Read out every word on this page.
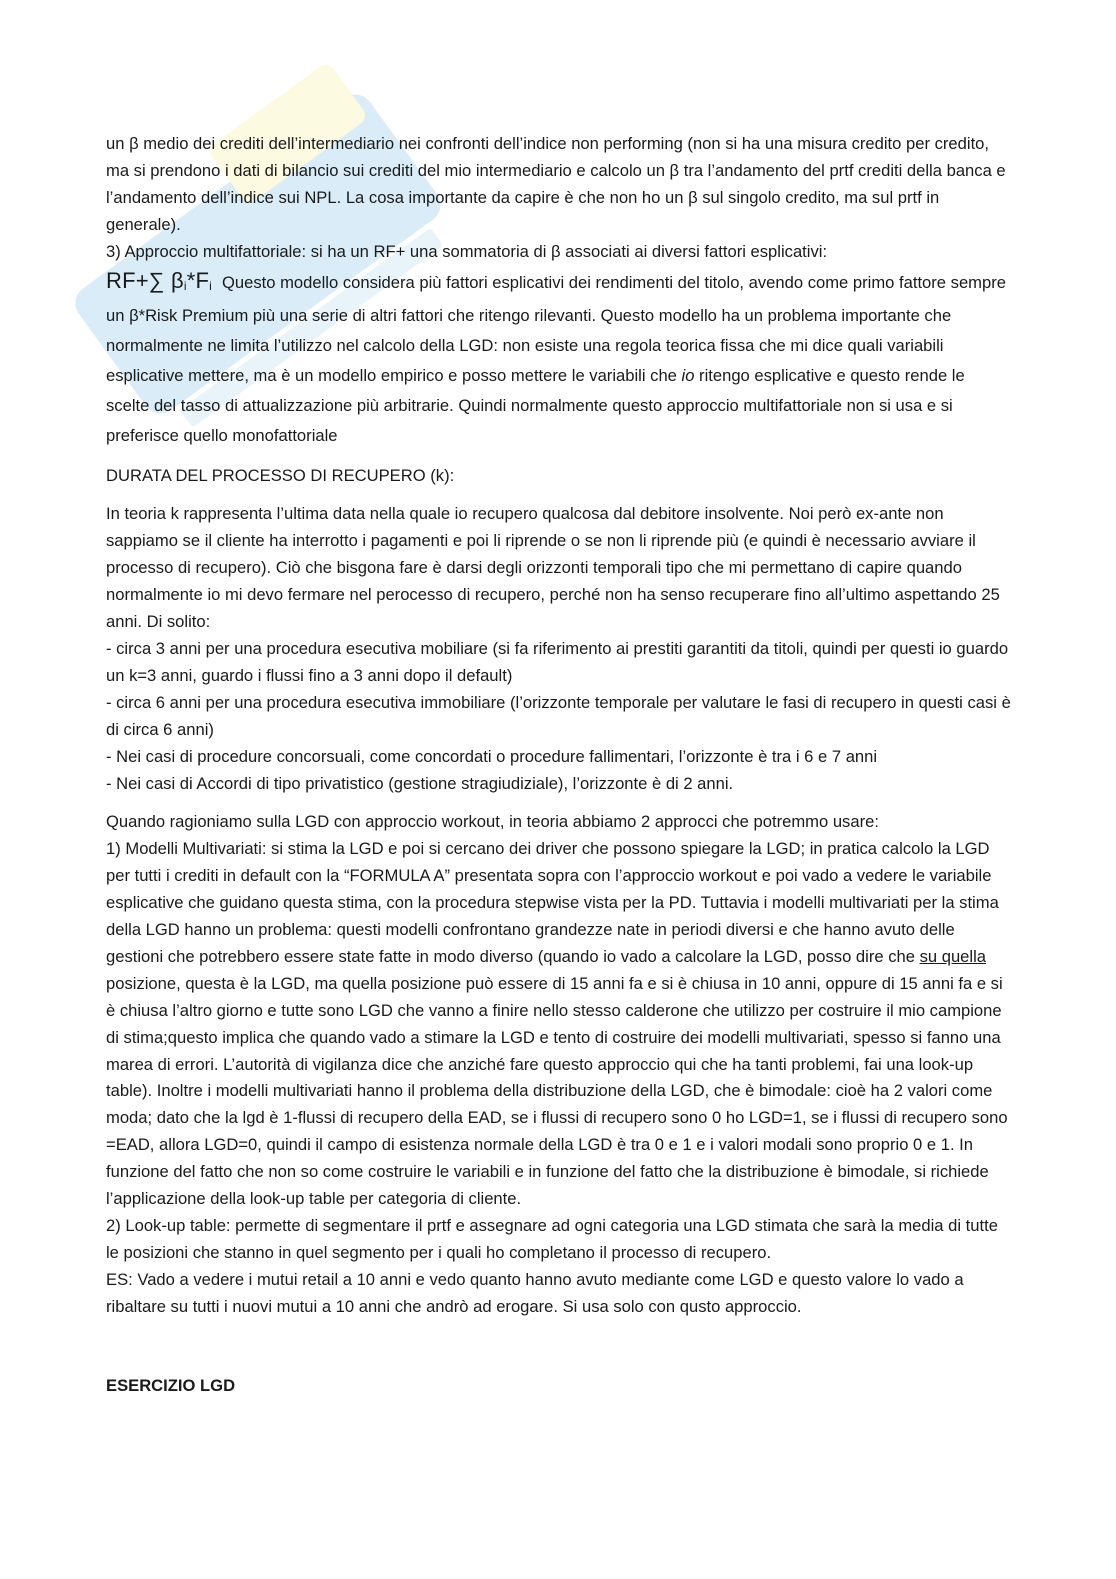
un β medio dei crediti dell’intermediario nei confronti dell’indice non performing (non si ha una misura credito per credito, ma si prendono i dati di bilancio sui crediti del mio intermediario e calcolo un β tra l’andamento del prtf crediti della banca e l’andamento dell’indice sui NPL. La cosa importante da capire è che non ho un β sul singolo credito, ma sul prtf in generale).

3) Approccio multifattoriale: si ha un RF+ una sommatoria di β associati ai diversi fattori esplicativi:

RF+∑ $\beta_i*F_i$ Questo modello considera più fattori esplicativi dei rendimenti del titolo, avendo come primo fattore sempre un β*Risk Premium più una serie di altri fattori che ritengo rilevanti. Questo modello ha un problema importante che normalmente ne limita l’utilizzo nel calcolo della LGD: non esiste una regola teorica fissa che mi dice quali variabili esplicative mettere, ma è un modello empirico e posso mettere le variabili che io ritengo esplicative e questo rende le scelte del tasso di attualizzazione più arbitrarie. Quindi normalmente questo approccio multifattoriale non si usa e si preferisce quello monofattoriale

DURATA DEL PROCESSO DI RECUPERO (k):

In teoria k rappresenta l’ultima data nella quale io recupero qualcosa dal debitore insolvente. Noi però ex-ante non sappiamo se il cliente ha interrotto i pagamenti e poi li riprende o se non li riprende più (e quindi è necessario avviare il processo di recupero). Ciò che bisgona fare è darsi degli orizzonti temporali tipo che mi permettano di capire quando normalmente io mi devo fermare nel perocesso di recupero, perché non ha senso recuperare fino all’ultimo aspettando 25 anni. Di solito:

- circa 3 anni per una procedura esecutiva mobiliare (si fa riferimento ai prestiti garantiti da titoli, quindi per questi io guardo un k=3 anni, guardo i flussi fino a 3 anni dopo il default)

- circa 6 anni per una procedura esecutiva immobiliare (l’orizzonte temporale per valutare le fasi di recupero in questi casi è di circa 6 anni)

- Nei casi di procedure concorsuali, come concordati o procedure fallimentari, l’orizzonte è tra i 6 e 7 anni

- Nei casi di Accordi di tipo privatistico (gestione stragiudiziale), l’orizzonte è di 2 anni.

Quando ragioniamo sulla LGD con approccio workout, in teoria abbiamo 2 approcci che potremmo usare:

1) Modelli Multivariati: si stima la LGD e poi si cercano dei driver che possono spiegare la LGD; in pratica calcolo la LGD per tutti i crediti in default con la “FORMULA A” presentata sopra con l’approccio workout e poi vado a vedere le variabile esplicative che guidano questa stima, con la procedura stepwise vista per la PD. Tuttavia i modelli multivariati per la stima della LGD hanno un problema: questi modelli confrontano grandezze nate in periodi diversi e che hanno avuto delle gestioni che potrebbero essere state fatte in modo diverso (quando io vado a calcolare la LGD, posso dire che su quella posizione, questa è la LGD, ma quella posizione può essere di 15 anni fa e si è chiusa in 10 anni, oppure di 15 anni fa e si è chiusa l’altro giorno e tutte sono LGD che vanno a finire nello stesso calderone che utilizzo per costruire il mio campione di stima;questo implica che quando vado a stimare la LGD e tento di costruire dei modelli multivariati, spesso si fanno una marea di errori. L’autorità di vigilanza dice che anziché fare questo approccio qui che ha tanti problemi, fai una look-up table). Inoltre i modelli multivariati hanno il problema della distribuzione della LGD, che è bimodale: cioè ha 2 valori come moda; dato che la lgd è 1-flussi di recupero della EAD, se i flussi di recupero sono 0 ho LGD=1, se i flussi di recupero sono =EAD, allora LGD=0, quindi il campo di esistenza normale della LGD è tra 0 e 1 e i valori modali sono proprio 0 e 1. In funzione del fatto che non so come costruire le variabili e in funzione del fatto che la distribuzione è bimodale, si richiede l’applicazione della look-up table per categoria di cliente.

2) Look-up table: permette di segmentare il prtf e assegnare ad ogni categoria una LGD stimata che sarà la media di tutte le posizioni che stanno in quel segmento per i quali ho completano il processo di recupero.

ES: Vado a vedere i mutui retail a 10 anni e vedo quanto hanno avuto mediante come LGD e questo valore lo vado a ribaltare su tutti i nuovi mutui a 10 anni che andrò ad erogare. Si usa solo con qusto approccio.

ESERCIZIO LGD
